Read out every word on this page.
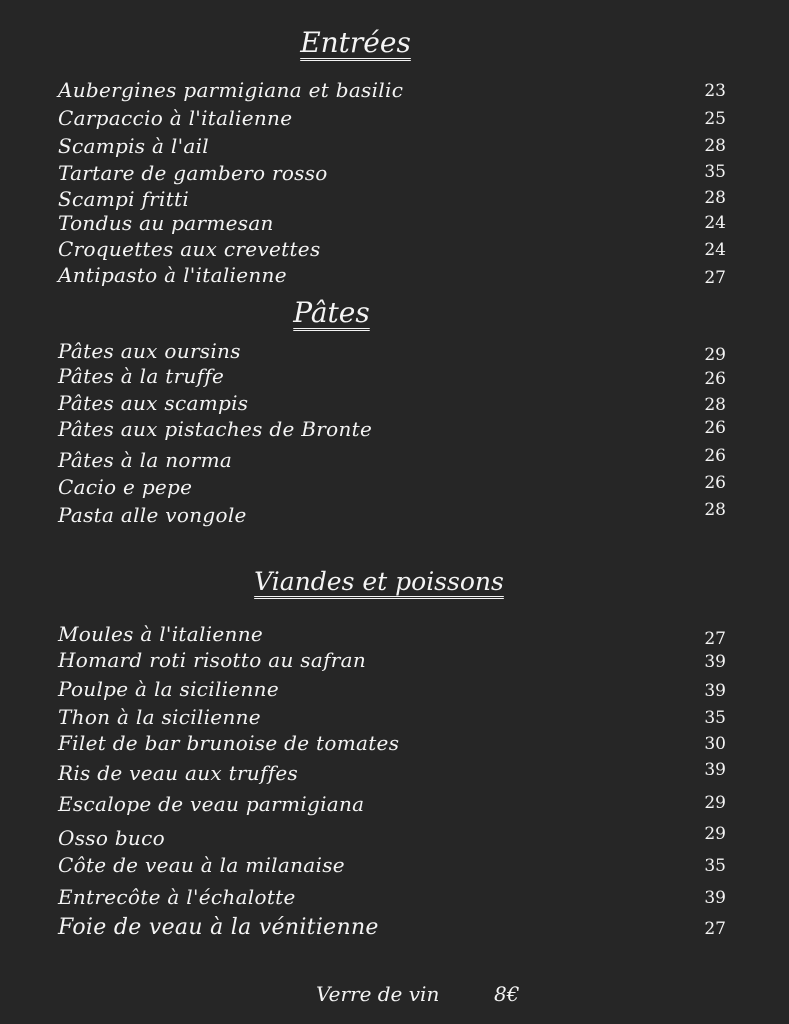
Entrées
Aubergines parmigiana et basilic	23
Carpaccio à l'italienne	25
Scampis à l'ail	28
Tartare de gambero rosso	35
Scampi fritti	28
Tondus au parmesan	24
Croquettes aux crevettes	24
Antipasto à l'italienne	27
Pâtes
Pâtes aux oursins	29
Pâtes à la truffe	26
Pâtes aux scampis	28
Pâtes aux pistaches de Bronte	26
Pâtes à la norma	26
Cacio e pepe	26
Pasta alle vongole	28
Viandes et poissons
Moules à l'italienne	27
Homard roti risotto au safran	39
Poulpe à la sicilienne	39
Thon à la sicilienne	35
Filet de bar brunoise de tomates	30
Ris de veau aux truffes	39
Escalope de veau parmigiana	29
Osso buco	29
Côte de veau à la milanaise	35
Entrecôte à l'échalotte	39
Foie de veau à la vénitienne	27
Verre de vin	8€
